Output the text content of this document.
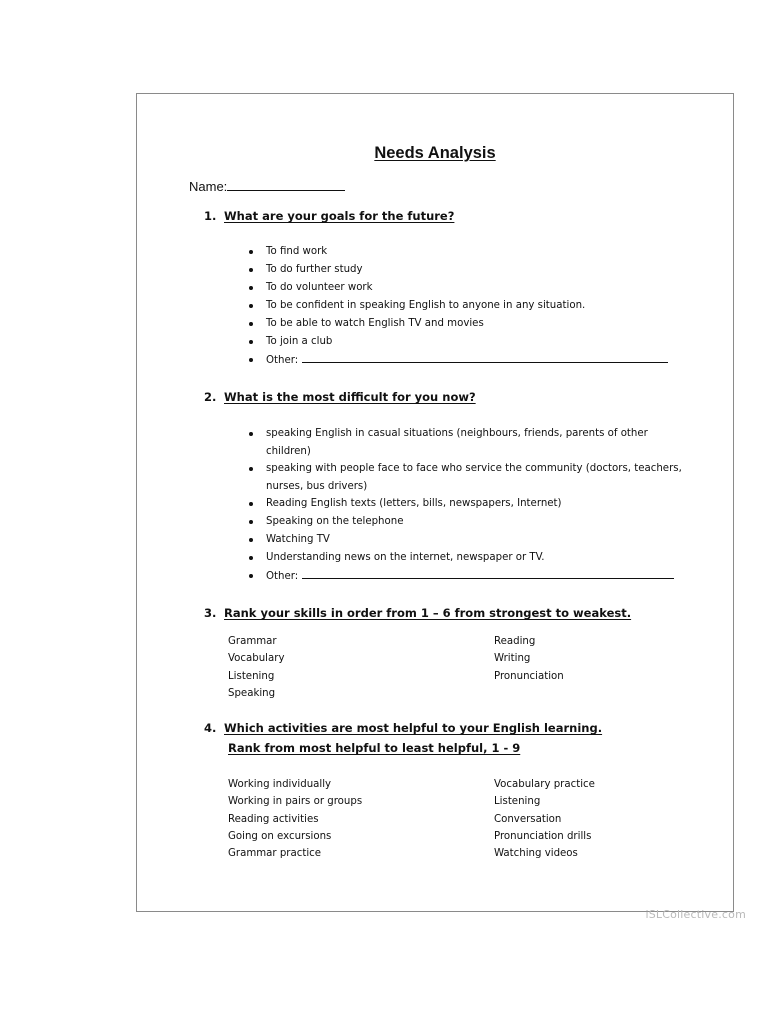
Needs Analysis
Name:
1. What are your goals for the future?
To find work
To do further study
To do volunteer work
To be confident in speaking English to anyone in any situation.
To be able to watch English TV and movies
To join a club
Other:
2. What is the most difficult for you now?
speaking English in casual situations (neighbours, friends, parents of other children)
speaking with people face to face who service the community (doctors, teachers, nurses, bus drivers)
Reading English texts (letters, bills, newspapers, Internet)
Speaking on the telephone
Watching TV
Understanding news on the internet, newspaper or TV.
Other:
3. Rank your skills in order from 1 – 6 from strongest to weakest.
Grammar
Vocabulary
Listening
Speaking
Reading
Writing
Pronunciation
4. Which activities are most helpful to your English learning.
Rank from most helpful to least helpful, 1 - 9
Working individually
Working in pairs or groups
Reading activities
Going on excursions
Grammar practice
Vocabulary practice
Listening
Conversation
Pronunciation drills
Watching videos
iSLCollective.com
